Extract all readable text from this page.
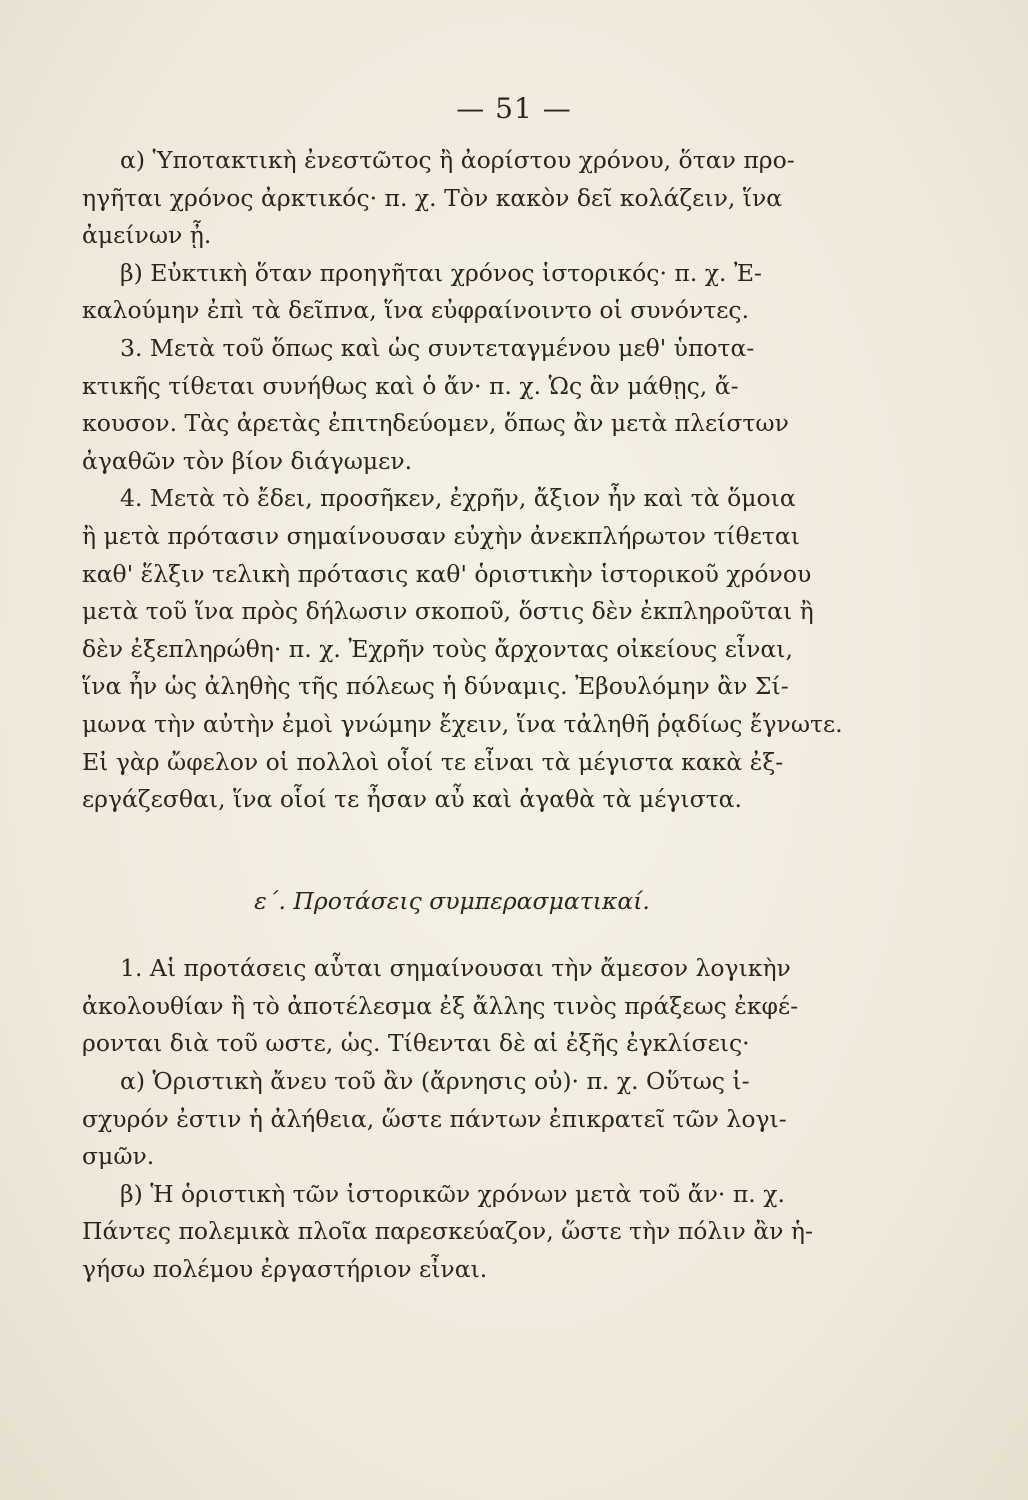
— 51 —
α) Ὑποτακτικὴ ἐνεστῶτος ἢ ἀορίστου χρόνου, ὅταν προ-
ηγῆται χρόνος ἀρκτικός· π. χ. Τὸν κακὸν δεῖ κολάζειν, ἵνα
ἀμείνων ᾖ.
β) Εὐκτικὴ ὅταν προηγῆται χρόνος ἱστορικός· π. χ. Ἐ-
καλούμην ἐπὶ τὰ δεῖπνα, ἵνα εὐφραίνοιντο οἱ συνόντες.
3. Μετὰ τοῦ ὅπως καὶ ὡς συντεταγμένου μεθ' ὑποτα-
κτικῆς τίθεται συνήθως καὶ ὁ ἄν· π. χ. Ὡς ἂν μάθῃς, ἄ-
κουσον. Τὰς ἀρετὰς ἐπιτηδεύομεν, ὅπως ἂν μετὰ πλείστων
ἀγαθῶν τὸν βίον διάγωμεν.
4. Μετὰ τὸ ἔδει, προσῆκεν, ἐχρῆν, ἄξιον ἦν καὶ τὰ ὅμοια
ἢ μετὰ πρότασιν σημαίνουσαν εὐχὴν ἀνεκπλήρωτον τίθεται
καθ' ἕλξιν τελικὴ πρότασις καθ' ὁριστικὴν ἱστορικοῦ χρόνου
μετὰ τοῦ ἵνα πρὸς δήλωσιν σκοποῦ, ὅστις δὲν ἐκπληροῦται ἢ
δὲν ἐξεπληρώθη· π. χ. Ἐχρῆν τοὺς ἄρχοντας οἰκείους εἶναι,
ἵνα ἦν ὡς ἀληθὴς τῆς πόλεως ἡ δύναμις. Ἐβουλόμην ἂν Σί-
μωνα τὴν αὐτὴν ἐμοὶ γνώμην ἔχειν, ἵνα τἀληθῆ ῥᾳδίως ἔγνωτε.
Εἰ γὰρ ὤφελον οἱ πολλοὶ οἷοί τε εἶναι τὰ μέγιστα κακὰ ἐξ-
εργάζεσθαι, ἵνα οἷοί τε ἦσαν αὖ καὶ ἀγαθὰ τὰ μέγιστα.
ε΄. Προτάσεις συμπερασματικαί.
1. Αἱ προτάσεις αὗται σημαίνουσαι τὴν ἄμεσον λογικὴν
ἀκολουθίαν ἢ τὸ ἀποτέλεσμα ἐξ ἄλλης τινὸς πράξεως ἐκφέ-
ρονται διὰ τοῦ ωστε, ὡς. Τίθενται δὲ αἱ ἐξῆς ἐγκλίσεις·
α) Ὁριστικὴ ἄνευ τοῦ ἂν (ἄρνησις οὐ)· π. χ. Οὕτως ἰ-
σχυρόν ἐστιν ἡ ἀλήθεια, ὥστε πάντων ἐπικρατεῖ τῶν λογι-
σμῶν.
β) Ἡ ὁριστικὴ τῶν ἱστορικῶν χρόνων μετὰ τοῦ ἄν· π. χ.
Πάντες πολεμικὰ πλοῖα παρεσκεύαζον, ὥστε τὴν πόλιν ἂν ἡ-
γήσω πολέμου ἐργαστήριον εἶναι.
